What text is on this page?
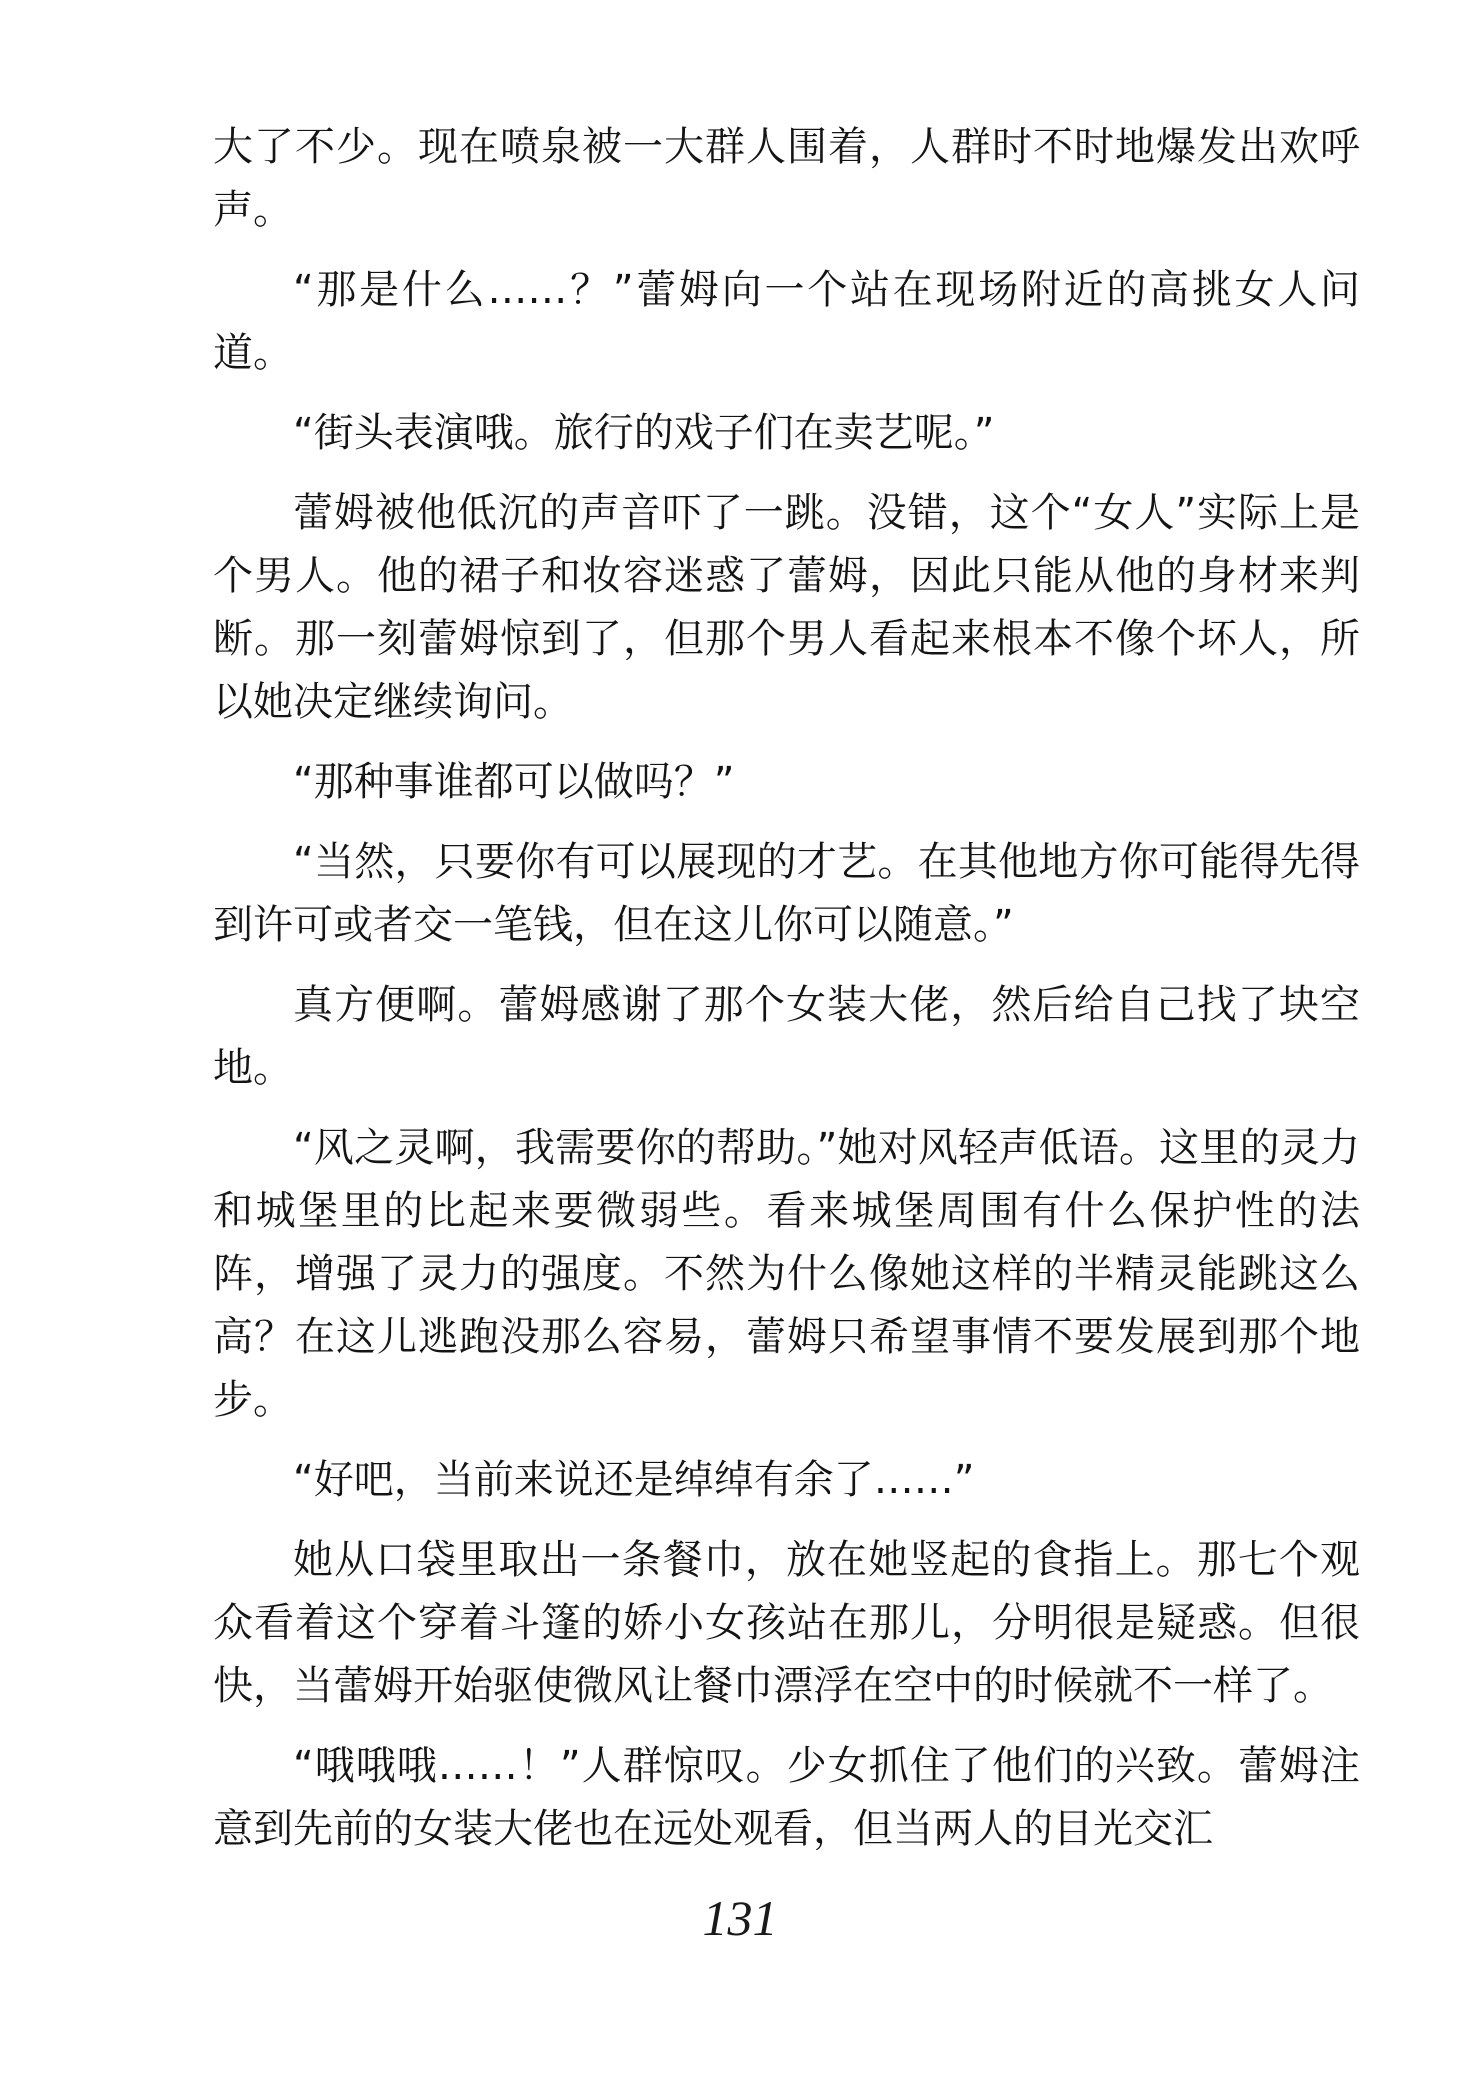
大了不少。现在喷泉被一大群人围着，人群时不时地爆发出欢呼声。

“那是什么……？”蕾姆向一个站在现场附近的高挑女人问道。

“街头表演哦。旅行的戏子们在卖艺呢。”

蕾姆被他低沉的声音吓了一跳。没错，这个“女人”实际上是个男人。他的裙子和妆容迷惑了蕾姆，因此只能从他的身材来判断。那一刻蕾姆惊到了，但那个男人看起来根本不像个坏人，所以她决定继续询问。

“那种事谁都可以做吗？”

“当然，只要你有可以展现的才艺。在其他地方你可能得先得到许可或者交一笔钱，但在这儿你可以随意。”

真方便啊。蕾姆感谢了那个女装大佬，然后给自己找了块空地。

“风之灵啊，我需要你的帮助。”她对风轻声低语。这里的灵力和城堡里的比起来要微弱些。看来城堡周围有什么保护性的法阵，增强了灵力的强度。不然为什么像她这样的半精灵能跳这么高？在这儿逃跑没那么容易，蕾姆只希望事情不要发展到那个地步。

“好吧，当前来说还是绰绰有余了……”

她从口袋里取出一条餐巾，放在她竖起的食指上。那七个观众看着这个穿着斗篷的娇小女孩站在那儿，分明很是疑惑。但很快，当蕾姆开始驱使微风让餐巾漂浮在空中的时候就不一样了。

“哦哦哦……！”人群惊叹。少女抓住了他们的兴致。蕾姆注意到先前的女装大佬也在远处观看，但当两人的目光交汇

131
